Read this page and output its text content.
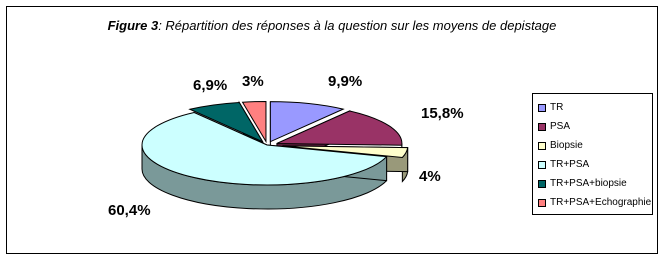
Figure 3: Répartition des réponses à la question sur les moyens de depistage
9,9%
15,8%
4%
60,4%
6,9% 3%
TR
PSA
Biopsie
TR+PSA
TR+PSA+biopsie
TR+PSA+Echographie
